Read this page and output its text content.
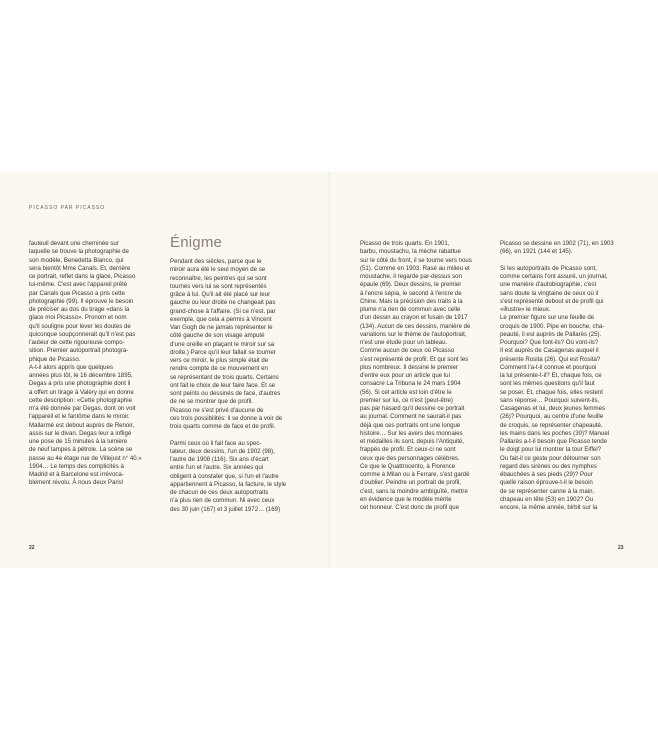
PICASSO PAR PICASSO
fauteuil devant une cheminée sur
laquelle se trouve la photographie de
son modèle, Benedetta Bianco, qui
sera bientôt Mme Canals. Et, derrière
ce portrait, reflet dans la glace, Picasso
lui-même. C'est avec l'appareil prêté
par Canals que Picasso a pris cette
photographie (99). Il éprouve le besoin
de préciser au dos du tirage «dans la
glace moi Picasso». Pronom et nom
qu'il souligne pour lever les doutes de
quiconque soupçonnerait qu'il n'est pas
l'auteur de cette rigoureuse compo-
sition. Premier autoportrait photogra-
phique de Picasso.
A-t-il alors appris que quelques
années plus tôt, le 16 décembre 1895,
Degas a pris une photographie dont il
a offert un tirage à Valéry qui en donne
cette description: «Cette photographie
m'a été donnée par Degas, dont on voit
l'appareil et le fantôme dans le miroir.
Mallarmé est debout auprès de Renoir,
assis sur le divan. Degas leur a infligé
une pose de 15 minutes à la lumière
de neuf lampes à pétrole. La scène se
passe au 4e étage rue de Villejust n° 40.»
1904… Le temps des complicités à
Madrid et à Barcelone est irrévoca-
blement révolu. À nous deux Paris!
Énigme
Pendant des siècles, parce que le
miroir aura été le seul moyen de se
reconnaître, les peintres qui se sont
tournés vers lui se sont représentés
grâce à lui. Qu'il ait été placé sur leur
gauche ou leur droite ne changeait pas
grand-chose à l'affaire. (Si ce n'est, par
exemple, que cela a permis à Vincent
Van Gogh de ne jamais représenter le
côté gauche de son visage amputé
d'une oreille en plaçant le miroir sur sa
droite.) Parce qu'il leur fallait se tourner
vers ce miroir, le plus simple était de
rendre compte de ce mouvement en
se représentant de trois quarts. Certains
ont fait le choix de leur faire face. Et se
sont peints ou dessinés de face, d'autres
de ne se montrer que de profil.
Picasso ne s'est privé d'aucune de
ces trois possibilités: il se donne à voir de
trois quarts comme de face et de profil.

Parmi ceux où il fait face au spec-
tateur, deux dessins, l'un de 1902 (98),
l'autre de 1908 (116). Six ans d'écart
entre l'un et l'autre. Six années qui
obligent à constater que, si l'un et l'autre
appartiennent à Picasso, la facture, le style
de chacun de ces deux autoportraits
n'a plus rien de commun. Ni avec ceux
des 30 juin (167) et 3 juillet 1972… (169)
Picasso de trois quarts. En 1901,
barbu, moustachu, la mèche rabattue
sur le côté du front, il se tourne vers nous
(51). Comme en 1903. Rasé au milieu et
moustache, il regarde par-dessus son
épaule (69). Deux dessins, le premier
à l'encre sépia, le second à l'encre de
Chine. Mais la précision des traits à la
plume n'a rien de commun avec celle
d'un dessin au crayon et fusain de 1917
(134). Aucun de ces dessins, manière de
variations sur le thème de l'autoportrait,
n'est une étude pour un tableau.
Comme aucun de ceux où Picasso
s'est représenté de profil. Et qui sont les
plus nombreux. Il dessine le premier
d'entre eux pour un article que lui
consacre La Tribuna le 24 mars 1904
(56). Si cet article est loin d'être le
premier sur lui, ce n'est (peut-être)
pas par hasard qu'il dessine ce portrait
au journal. Comment ne saurait-il pas
déjà que ces portraits ont une longue
histoire… Sur les avers des monnaies
et médailles ils sont, depuis l'Antiquité,
frappés de profil. Et ceux-ci ne sont
ceux que des personnages célèbres.
Ce que le Quattrocento, à Florence
comme à Milan ou à Ferrare, s'est gardé
d'oublier. Peindre un portrait de profil,
c'est, sans la moindre ambiguïté, mettre
en évidence que le modèle mérite
cet honneur. C'est donc de profil que
Picasso se dessine en 1902 (71), en 1903
(66), en 1921 (144 et 145).

Si les autoportraits de Picasso sont,
comme certains l'ont assuré, un journal,
une manière d'autobiographie, c'est
sans doute la vingtaine de ceux où il
s'est représenté debout et de profil qui
«illustre» le mieux.
Le premier figure sur une feuille de
croquis de 1900. Pipe en bouche, cha-
peauté, il est auprès de Pallarès (25).
Pourquoi? Que font-ils? Où vont-ils?
Il est auprès de Casagenas auquel il
présente Rosita (26). Qui est Rosita?
Comment l'a-t-il connue et pourquoi
la lui présente-t-il? Et, chaque fois, ce
sont les mêmes questions qu'il faut
se poser. Et, chaque fois, elles restent
sans réponse… Pourquoi suivent-ils,
Casagenas et lui, deux jeunes femmes
(26)? Pourquoi, au centre d'une feuille
de croquis, se représenter chapeauté,
les mains dans les poches (30)? Manuel
Pallarès a-t-il besoin que Picasso tende
le doigt pour lui montrer la tour Eiffel?
Ou fait-il ce geste pour détourner son
regard des sirènes ou des nymphes
ébauchées à ses pieds (29)? Pour
quelle raison éprouve-t-il le besoin
de se représenter canne à la main,
chapeau en tête (53) en 1902? Ou
encore, la même année, birbit sur la
22	23
